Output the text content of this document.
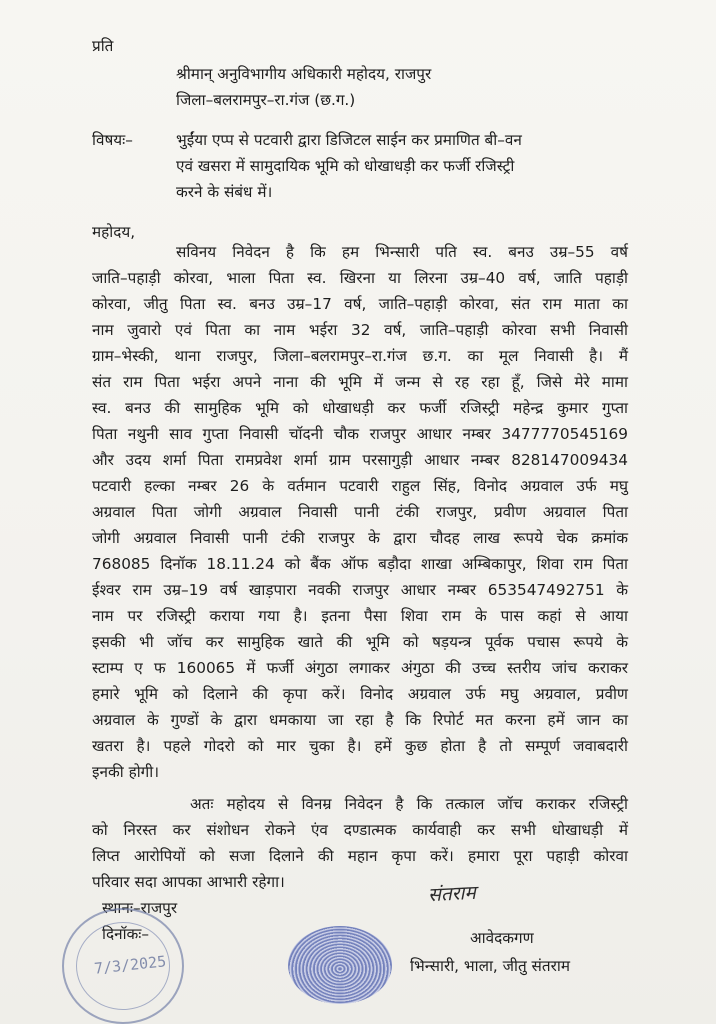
प्रति
श्रीमान् अनुविभागीय अधिकारी महोदय, राजपुर
जिला–बलरामपुर–रा.गंज (छ.ग.)
विषयः–	भुईंया एप्प से पटवारी द्वारा डिजिटल साईन कर प्रमाणित बी–वन
एवं खसरा में सामुदायिक भूमि को धोखाधड़ी कर फर्जी रजिस्ट्री
करने के संबंध में।
महोदय,
सविनय निवेदन है कि हम भिन्सारी पति स्व. बनउ उम्र–55 वर्ष
जाति–पहाड़ी कोरवा, भाला पिता स्व. खिरना या लिरना उम्र–40 वर्ष, जाति पहाड़ी
कोरवा, जीतु पिता स्व. बनउ उम्र–17 वर्ष, जाति–पहाड़ी कोरवा, संत राम माता का
नाम जुवारो एवं पिता का नाम भईरा 32 वर्ष, जाति–पहाड़ी कोरवा सभी निवासी
ग्राम–भेस्की, थाना राजपुर, जिला–बलरामपुर–रा.गंज छ.ग. का मूल निवासी है। मैं
संत राम पिता भईरा अपने नाना की भूमि में जन्म से रह रहा हूँ, जिसे मेरे मामा
स्व. बनउ की सामुहिक भूमि को धोखाधड़ी कर फर्जी रजिस्ट्री महेन्द्र कुमार गुप्ता
पिता नथुनी साव गुप्ता निवासी चॉदनी चौक राजपुर आधार नम्बर 3477770545169
और उदय शर्मा पिता रामप्रवेश शर्मा ग्राम परसागुड़ी आधार नम्बर 828147009434
पटवारी हल्का नम्बर 26 के वर्तमान पटवारी राहुल सिंह, विनोद अग्रवाल उर्फ मघु
अग्रवाल पिता जोगी अग्रवाल निवासी पानी टंकी राजपुर, प्रवीण अग्रवाल पिता
जोगी अग्रवाल निवासी पानी टंकी राजपुर के द्वारा चौदह लाख रूपये चेक क्रमांक
768085 दिनॉक 18.11.24 को बैंक ऑफ बड़ौदा शाखा अम्बिकापुर, शिवा राम पिता
ईश्वर राम उम्र–19 वर्ष खाड़पारा नवकी राजपुर आधार नम्बर 653547492751 के
नाम पर रजिस्ट्री कराया गया है। इतना पैसा शिवा राम के पास कहां से आया
इसकी भी जॉच कर सामुहिक खाते की भूमि को षड़यन्त्र पूर्वक पचास रूपये के
स्टाम्प ए फ 160065 में फर्जी अंगुठा लगाकर अंगुठा की उच्च स्तरीय जांच कराकर
हमारे भूमि को दिलाने की कृपा करें। विनोद अग्रवाल उर्फ मघु अग्रवाल, प्रवीण
अग्रवाल के गुण्डों के द्वारा धमकाया जा रहा है कि रिपोर्ट मत करना हमें जान का
खतरा है। पहले गोदरो को मार चुका है। हमें कुछ होता है तो सम्पूर्ण जवाबदारी
इनकी होगी।
अतः महोदय से विनम्र निवेदन है कि तत्काल जॉच कराकर रजिस्ट्री
को निरस्त कर संशोधन रोकने एंव दण्डात्मक कार्यवाही कर सभी धोखाधड़ी में
लिप्त आरोपियों को सजा दिलाने की महान कृपा करें। हमारा पूरा पहाड़ी कोरवा
परिवार सदा आपका आभारी रहेगा।
स्थानः–राजपुर
दिनॉकः–
7/3/2025
संतराम
आवेदकगण
भिन्सारी, भाला, जीतु संतराम
